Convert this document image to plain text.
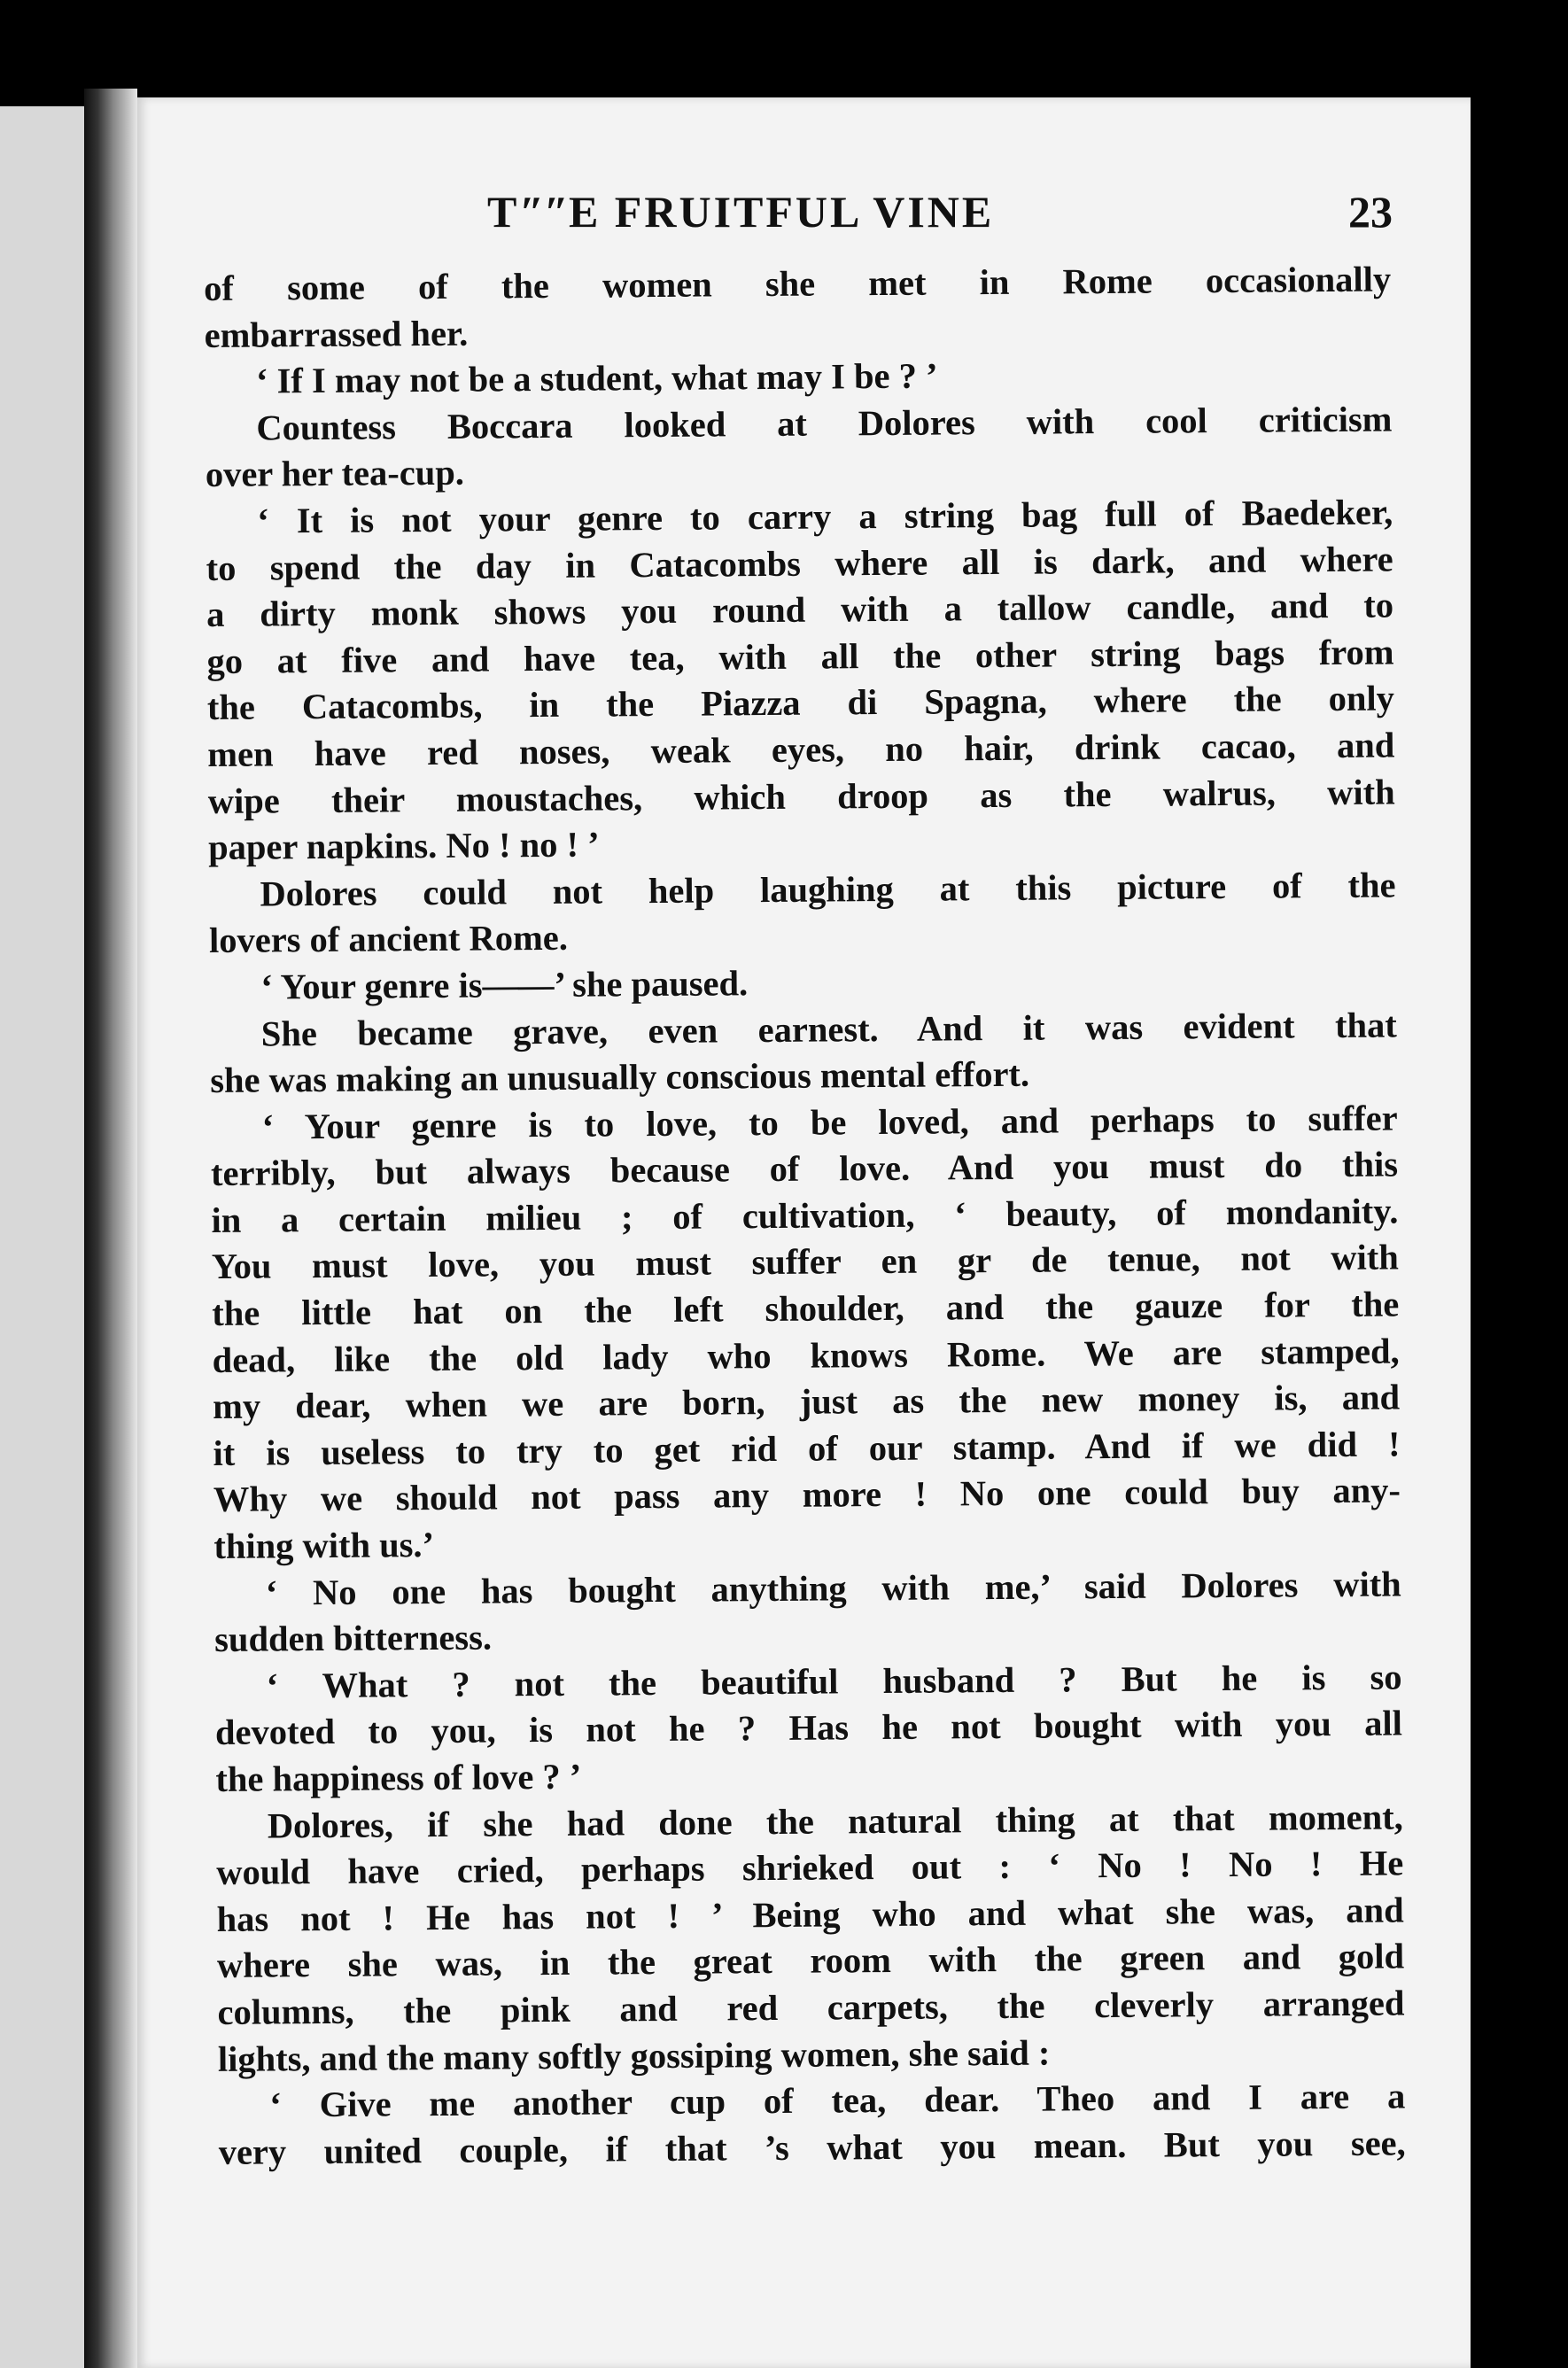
TʺʺE FRUITFUL VINE	23
of some of the women she met in Rome occasionally
embarrassed her.
‘ If I may not be a student, what may I be ? ’
Countess Boccara looked at Dolores with cool criticism
over her tea-cup.
‘ It is not your genre to carry a string bag full of Baedeker,
to spend the day in Catacombs where all is dark, and where
a dirty monk shows you round with a tallow candle, and to
go at five and have tea, with all the other string bags from
the Catacombs, in the Piazza di Spagna, where the only
men have red noses, weak eyes, no hair, drink cacao, and
wipe their moustaches, which droop as the walrus, with
paper napkins. No ! no ! ’
Dolores could not help laughing at this picture of the
lovers of ancient Rome.
‘ Your genre is——’ she paused.
She became grave, even earnest. And it was evident that
she was making an unusually conscious mental effort.
‘ Your genre is to love, to be loved, and perhaps to suffer
terribly, but always because of love. And you must do this
in a certain milieu ; of cultivation, ‘ beauty, of mondanity.
You must love, you must suffer en gr de tenue, not with
the little hat on the left shoulder, and the gauze for the
dead, like the old lady who knows Rome. We are stamped,
my dear, when we are born, just as the new money is, and
it is useless to try to get rid of our stamp. And if we did !
Why we should not pass any more ! No one could buy any-
thing with us.’
‘ No one has bought anything with me,’ said Dolores with
sudden bitterness.
‘ What ? not the beautiful husband ? But he is so
devoted to you, is not he ? Has he not bought with you all
the happiness of love ? ’
Dolores, if she had done the natural thing at that moment,
would have cried, perhaps shrieked out : ‘ No ! No ! He
has not ! He has not ! ’ Being who and what she was, and
where she was, in the great room with the green and gold
columns, the pink and red carpets, the cleverly arranged
lights, and the many softly gossiping women, she said :
‘ Give me another cup of tea, dear. Theo and I are a
very united couple, if that ’s what you mean. But you see,
